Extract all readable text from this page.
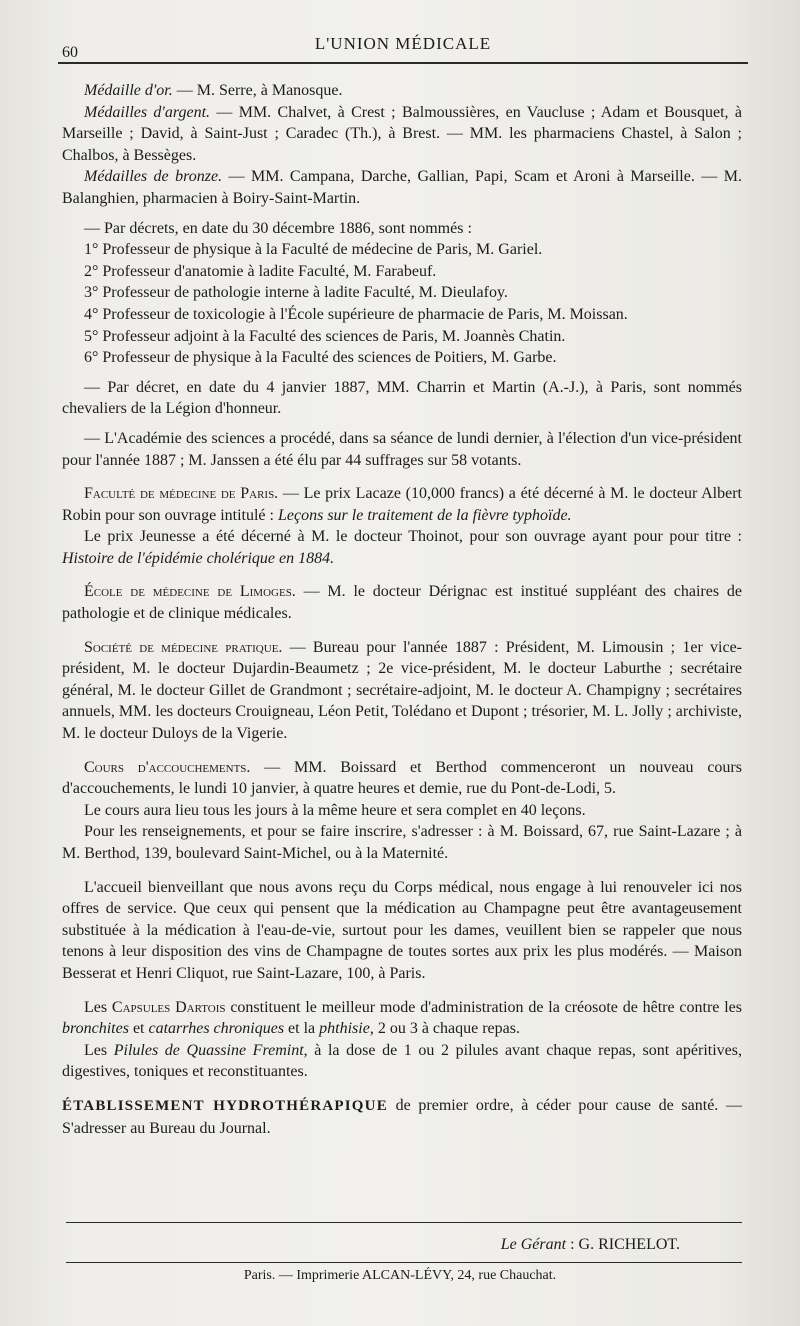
60	L'UNION MÉDICALE

Médaille d'or. — M. Serre, à Manosque.

Médailles d'argent. — MM. Chalvet, à Crest ; Balmoussières, en Vaucluse ; Adam et Bousquet, à Marseille ; David, à Saint-Just ; Caradec (Th.), à Brest. — MM. les pharmaciens Chastel, à Salon ; Chalbos, à Bessèges.

Médailles de bronze. — MM. Campana, Darche, Gallian, Papi, Scam et Aroni à Marseille. — M. Balanghien, pharmacien à Boiry-Saint-Martin.

— Par décrets, en date du 30 décembre 1886, sont nommés :

1° Professeur de physique à la Faculté de médecine de Paris, M. Gariel.

2° Professeur d'anatomie à ladite Faculté, M. Farabeuf.

3° Professeur de pathologie interne à ladite Faculté, M. Dieulafoy.

4° Professeur de toxicologie à l'École supérieure de pharmacie de Paris, M. Moissan.

5° Professeur adjoint à la Faculté des sciences de Paris, M. Joannès Chatin.

6° Professeur de physique à la Faculté des sciences de Poitiers, M. Garbe.

— Par décret, en date du 4 janvier 1887, MM. Charrin et Martin (A.-J.), à Paris, sont nommés chevaliers de la Légion d'honneur.

— L'Académie des sciences a procédé, dans sa séance de lundi dernier, à l'élection d'un vice-président pour l'année 1887 ; M. Janssen a été élu par 44 suffrages sur 58 votants.

Faculté de médecine de Paris. — Le prix Lacaze (10,000 francs) a été décerné à M. le docteur Albert Robin pour son ouvrage intitulé : Leçons sur le traitement de la fièvre typhoïde.

Le prix Jeunesse a été décerné à M. le docteur Thoinot, pour son ouvrage ayant pour pour titre : Histoire de l'épidémie cholérique en 1884.

École de médecine de Limoges. — M. le docteur Dérignac est institué suppléant des chaires de pathologie et de clinique médicales.

Société de médecine pratique. — Bureau pour l'année 1887 : Président, M. Limousin ; 1er vice-président, M. le docteur Dujardin-Beaumetz ; 2e vice-président, M. le docteur Laburthe ; secrétaire général, M. le docteur Gillet de Grandmont ; secrétaire-adjoint, M. le docteur A. Champigny ; secrétaires annuels, MM. les docteurs Crouigneau, Léon Petit, Tolédano et Dupont ; trésorier, M. L. Jolly ; archiviste, M. le docteur Duloys de la Vigerie.

Cours d'accouchements. — MM. Boissard et Berthod commenceront un nouveau cours d'accouchements, le lundi 10 janvier, à quatre heures et demie, rue du Pont-de-Lodi, 5.

Le cours aura lieu tous les jours à la même heure et sera complet en 40 leçons.

Pour les renseignements, et pour se faire inscrire, s'adresser : à M. Boissard, 67, rue Saint-Lazare ; à M. Berthod, 139, boulevard Saint-Michel, ou à la Maternité.

L'accueil bienveillant que nous avons reçu du Corps médical, nous engage à lui renouveler ici nos offres de service. Que ceux qui pensent que la médication au Champagne peut être avantageusement substituée à la médication à l'eau-de-vie, surtout pour les dames, veuillent bien se rappeler que nous tenons à leur disposition des vins de Champagne de toutes sortes aux prix les plus modérés. — Maison Besserat et Henri Cliquot, rue Saint-Lazare, 100, à Paris.

Les Capsules Dartois constituent le meilleur mode d'administration de la créosote de hêtre contre les bronchites et catarrhes chroniques et la phthisie, 2 ou 3 à chaque repas.

Les Pilules de Quassine Fremint, à la dose de 1 ou 2 pilules avant chaque repas, sont apéritives, digestives, toniques et reconstituantes.

ÉTABLISSEMENT HYDROTHÉRAPIQUE de premier ordre, à céder pour cause de santé. — S'adresser au Bureau du Journal.

Le Gérant : G. RICHELOT.
Paris. — Imprimerie ALCAN-LÉVY, 24, rue Chauchat.
